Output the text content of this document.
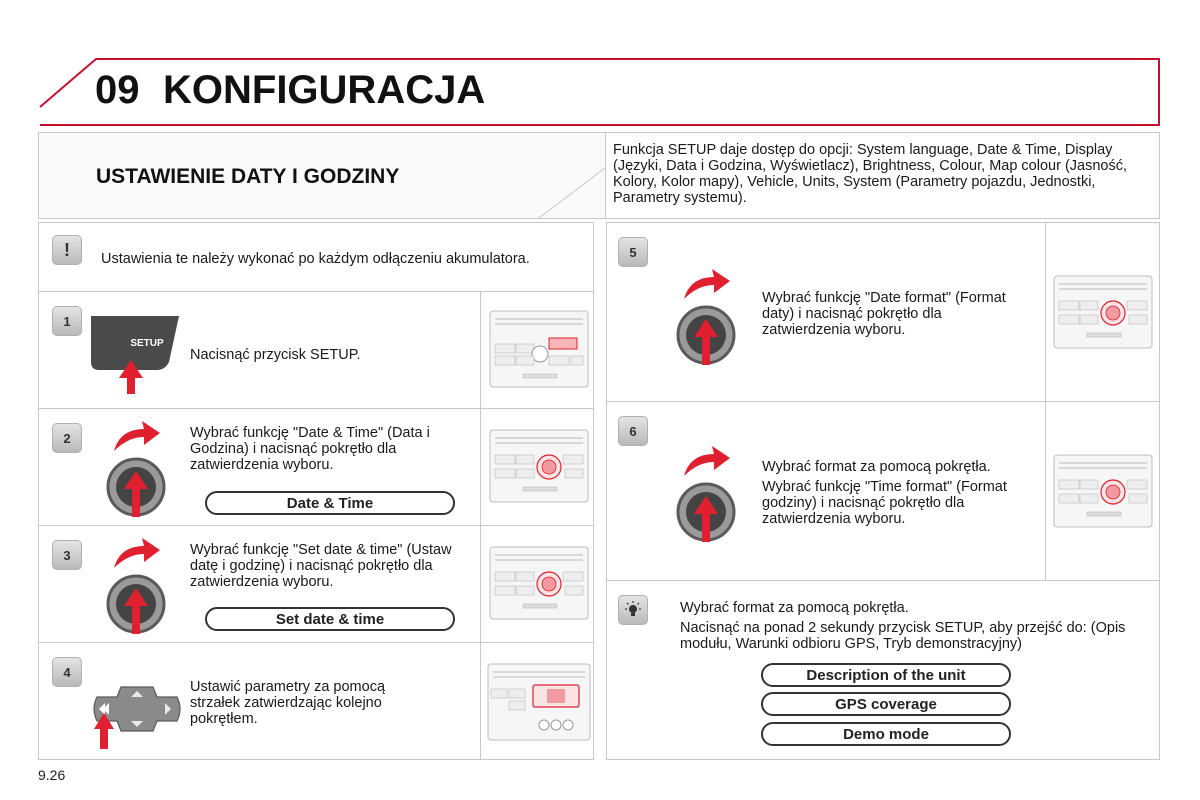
09 KONFIGURACJA
USTAWIENIE DATY I GODZINY
Funkcja SETUP daje dostęp do opcji: System language, Date & Time, Display (Języki, Data i Godzina, Wyświetlacz), Brightness, Colour, Map colour (Jasność, Kolory, Kolor mapy), Vehicle, Units, System (Parametry pojazdu, Jednostki, Parametry systemu).
!	Ustawienia te należy wykonać po każdym odłączeniu akumulatora.
1
SETUP
Nacisnąć przycisk SETUP.
2	Wybrać funkcję "Date & Time" (Data i Godzina) i nacisnąć pokrętło dla zatwierdzenia wyboru.
Date & Time
3	Wybrać funkcję "Set date & time" (Ustaw datę i godzinę) i nacisnąć pokrętło dla zatwierdzenia wyboru.
Set date & time
4
Ustawić parametry za pomocą strzałek zatwierdzając kolejno pokrętłem.
5
Wybrać funkcję "Date format" (Format daty) i nacisnąć pokrętło dla zatwierdzenia wyboru.
6
Wybrać format za pomocą pokrętła.
Wybrać funkcję "Time format" (Format godziny) i nacisnąć pokrętło dla zatwierdzenia wyboru.
Wybrać format za pomocą pokrętła.
Nacisnąć na ponad 2 sekundy przycisk SETUP, aby przejść do: (Opis modułu, Warunki odbioru GPS, Tryb demonstracyjny)
Description of the unit
GPS coverage
Demo mode
9.26
